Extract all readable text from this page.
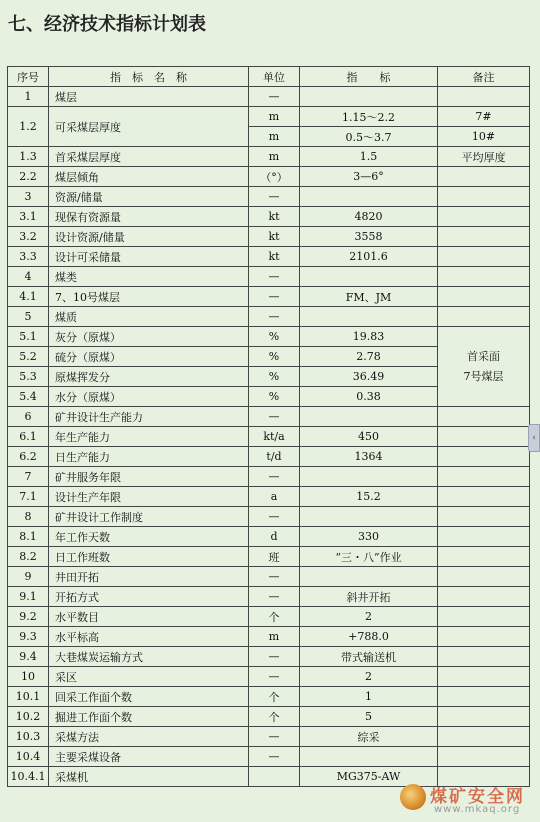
七、经济技术指标计划表
序号	指　标　名　称	单位	指　　标	备注
1	煤层	—		
1.2	可采煤层厚度	m	1.15～2.2	7#
		m	0.5～3.7	10#
1.3	首采煤层厚度	m	1.5	平均厚度
2.2	煤层倾角	（°）	3—6°	
3	资源/储量	—		
3.1	现保有资源量	kt	4820	
3.2	设计资源/储量	kt	3558	
3.3	设计可采储量	kt	2101.6	
4	煤类	—		
4.1	7、10号煤层	—	FM、JM	
5	煤质	—		
5.1	灰分（原煤）	%	19.83	首采面
7号煤层

5.2	硫分（原煤）	%	2.78	
5.3	原煤挥发分	%	36.49	
5.4	水分（原煤）	%	0.38	
6	矿井设计生产能力	—		
6.1	年生产能力	kt/a	450	
6.2	日生产能力	t/d	1364	
7	矿井服务年限	—		
7.1	设计生产年限	a	15.2	
8	矿井设计工作制度	—		
8.1	年工作天数	d	330	
8.2	日工作班数	班	“三・八”作业	
9	井田开拓	—		
9.1	开拓方式	—	斜井开拓	
9.2	水平数目	个	2	
9.3	水平标高	m	+788.0	
9.4	大巷煤炭运输方式	—	带式输送机	
10	采区	—	2	
10.1	回采工作面个数	个	1	
10.2	掘进工作面个数	个	5	
10.3	采煤方法	—	综采	
10.4	主要采煤设备	—		
10.4.1	采煤机		MG375-AW	
‹
煤矿安全网
www.mkaq.org
